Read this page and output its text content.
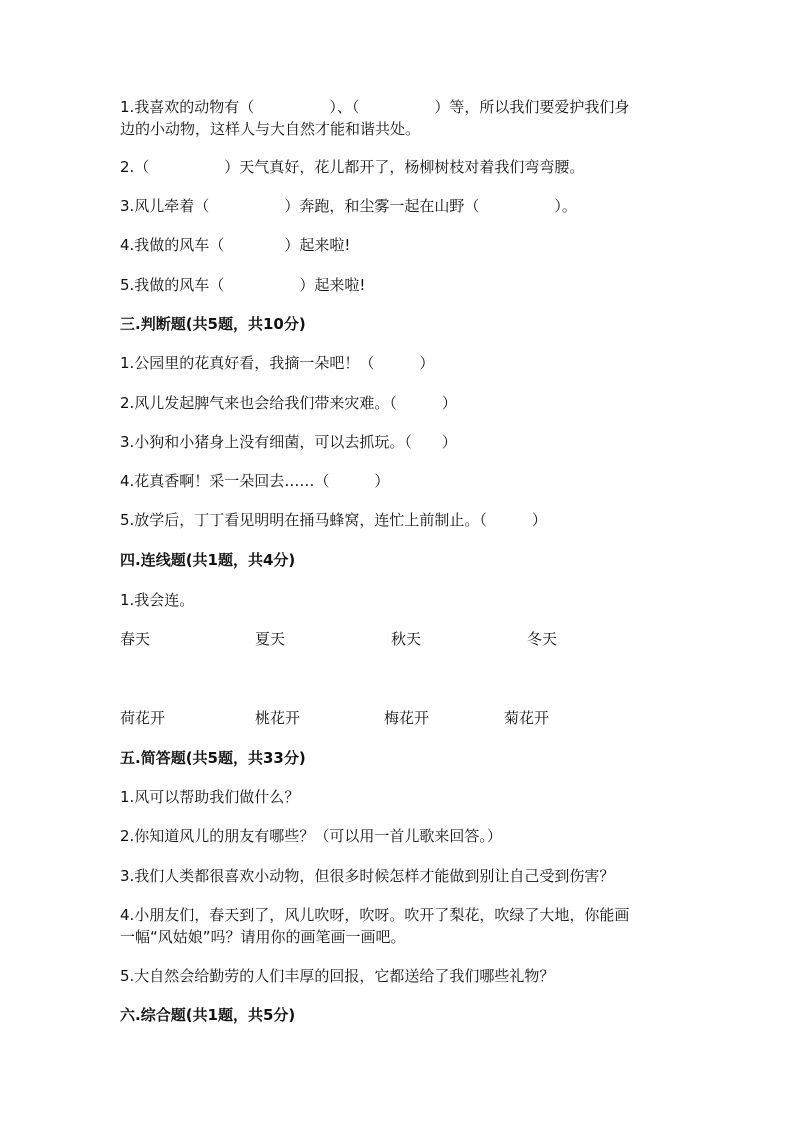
1.我喜欢的动物有（　　　　　）、（　　　　　）等，所以我们要爱护我们身
边的小动物，这样人与大自然才能和谐共处。
2.（　　　　　）天气真好，花儿都开了，杨柳树枝对着我们弯弯腰。
3.风儿牵着（　　　　　）奔跑，和尘雾一起在山野（　　　　　）。
4.我做的风车（　　　　）起来啦!
5.我做的风车（　　　　　）起来啦!
三.判断题(共5题，共10分)
1.公园里的花真好看，我摘一朵吧！（　　　）
2.风儿发起脾气来也会给我们带来灾难。（　　　）
3.小狗和小猪身上没有细菌，可以去抓玩。（　　）
4.花真香啊！采一朵回去……（　　　）
5.放学后，丁丁看见明明在捅马蜂窝，连忙上前制止。（　　　）
四.连线题(共1题，共4分)
1.我会连。
春天	夏天	秋天	冬天
荷花开	桃花开	梅花开	菊花开
五.简答题(共5题，共33分)
1.风可以帮助我们做什么？
2.你知道风儿的朋友有哪些？（可以用一首儿歌来回答。）
3.我们人类都很喜欢小动物，但很多时候怎样才能做到别让自己受到伤害？
4.小朋友们，春天到了，风儿吹呀，吹呀。吹开了梨花，吹绿了大地，你能画
一幅“风姑娘”吗？请用你的画笔画一画吧。
5.大自然会给勤劳的人们丰厚的回报，它都送给了我们哪些礼物？
六.综合题(共1题，共5分)
